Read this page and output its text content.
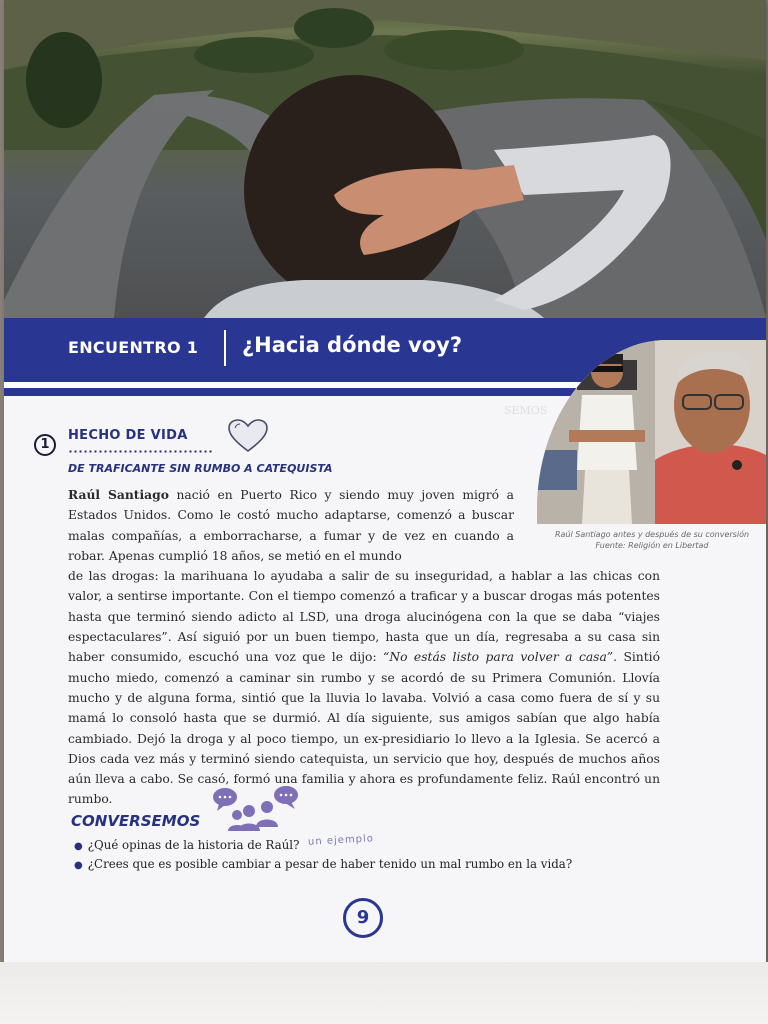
ENCUENTRO 1 ¿Hacia dónde voy?
Raúl Santiago antes y después de su conversión
Fuente: Religión en Libertad
SEMOS
1
HECHO DE VIDA
DE TRAFICANTE SIN RUMBO A CATEQUISTA
Raúl Santiago nació en Puerto Rico y siendo muy joven migró a Estados Unidos. Como le costó mucho adaptarse, comenzó a buscar malas compañías, a emborracharse, a fumar y de vez en cuando a robar. Apenas cumplió 18 años, se metió en el mundo
de las drogas: la marihuana lo ayudaba a salir de su inseguridad, a hablar a las chicas con valor, a sentirse importante. Con el tiempo comenzó a traficar y a buscar drogas más potentes hasta que terminó siendo adicto al LSD, una droga alucinógena con la que se daba “viajes espectaculares”. Así siguió por un buen tiempo, hasta que un día, regresaba a su casa sin haber consumido, escuchó una voz que le dijo: “No estás listo para volver a casa”. Sintió mucho miedo, comenzó a caminar sin rumbo y se acordó de su Primera Comunión. Llovía mucho y de alguna forma, sintió que la lluvia lo lavaba. Volvió a casa como fuera de sí y su mamá lo consoló hasta que se durmió. Al día siguiente, sus amigos sabían que algo había cambiado. Dejó la droga y al poco tiempo, un ex-presidiario lo llevo a la Iglesia. Se acercó a Dios cada vez más y terminó siendo catequista, un servicio que hoy, después de muchos años aún lleva a cabo. Se casó, formó una familia y ahora es profundamente feliz. Raúl encontró un rumbo.
CONVERSEMOS
● ¿Qué opinas de la historia de Raúl? un ejemplo
● ¿Crees que es posible cambiar a pesar de haber tenido un mal rumbo en la vida?
9
